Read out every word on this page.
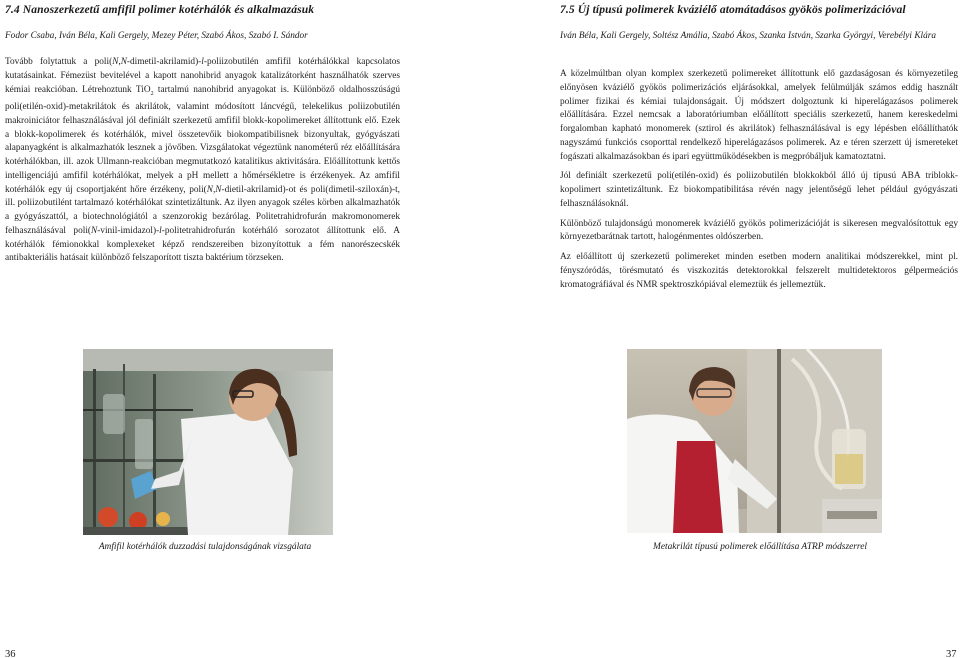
7.4 Nanoszerkezetű amfifil polimer kotérhálók és alkalmazásuk
Fodor Csaba, Iván Béla, Kali Gergely, Mezey Péter, Szabó Ákos, Szabó I. Sándor
Tovább folytattuk a poli(N,N-dimetil-akrilamid)-l-poliizobutilén amfifil kotérhálókkal kapcsolatos kutatásainkat. Fémezüst bevitelével a kapott nanohibrid anyagok katalizátorként használhatók szerves kémiai reakcióban. Létrehoztunk TiO$_2$ tartalmú nanohibrid anyagokat is. Különböző oldalhosszúságú poli(etilén-oxid)-metakrilátok és akrilátok, valamint módosított láncvégű, telekelikus poliizobutilén makroiniciátor felhasználásával jól definiált szerkezetű amfifil blokk-kopolimereket állítottunk elő. Ezek a blokk-kopolimerek és kotérhálók, mivel összetevőik biokompatibilisnek bizonyultak, gyógyászati alapanyagként is alkalmazhatók lesznek a jövőben. Vizsgálatokat végeztünk nanométerű réz előállítására kotérhálókban, ill. azok Ullmann-reakcióban megmutatkozó katalitikus aktivitására. Előállítottunk kettős intelligenciájú amfifil kotérhálókat, melyek a pH mellett a hőmérsékletre is érzékenyek. Az amfifil kotérhálók egy új csoportjaként hőre érzékeny, poli(N,N-dietil-akrilamid)-ot és poli(dimetil-sziloxán)-t, ill. poliizobutilént tartalmazó kotérhálókat szintetizáltunk. Az ilyen anyagok széles körben alkalmazhatók a gyógyászattól, a biotechnológiától a szenzorokig bezárólag. Politetrahidrofurán makromonomerek felhasználásával poli(N-vinil-imidazol)-l-politetrahidrofurán kotérháló sorozatot állítottunk elő. A kotérhálók fémionokkal komplexeket képző rendszereiben bizonyítottuk a fém nanorészecskék antibakteriális hatásait különböző felszaporított tiszta baktérium törzseken.
Amfifil kotérhálók duzzadási tulajdonságának vizsgálata
36
7.5 Új típusú polimerek kváziélő atomátadásos gyökös polimerizációval
Iván Béla, Kali Gergely, Soltész Amália, Szabó Ákos, Szanka István, Szarka Györgyi, Verebélyi Klára

A közelmúltban olyan komplex szerkezetű polimereket állítottunk elő gazdaságosan és környezetileg előnyösen kváziélő gyökös polimerizációs eljárásokkal, amelyek felülmúlják számos eddig használt polimer fizikai és kémiai tulajdonságait. Új módszert dolgoztunk ki hiperelágazásos polimerek előállítására. Ezzel nemcsak a laboratóriumban előállított speciális szerkezetű, hanem kereskedelmi forgalomban kapható monomerek (sztirol és akrilátok) felhasználásával is egy lépésben előállíthatók nagyszámú funkciós csoporttal rendelkező hiperelágazásos polimerek. Az e téren szerzett új ismereteket fogászati alkalmazásokban és ipari együttműködésekben is megpróbáljuk kamatoztatni.

Jól definiált szerkezetű poli(etilén-oxid) és poliizobutilén blokkokból álló új típusú ABA triblokk-kopolimert szintetizáltunk. Ez biokompatibilitása révén nagy jelentőségű lehet például gyógyászati felhasználásoknál.

Különböző tulajdonságú monomerek kváziélő gyökös polimerizációját is sikeresen megvalósítottuk egy környezetbarátnak tartott, halogénmentes oldószerben.

Az előállított új szerkezetű polimereket minden esetben modern analitikai módszerekkel, mint pl. fényszóródás, törésmutató és viszkozitás detektorokkal felszerelt multidetektoros gélpermeációs kromatográfiával és NMR spektroszkópiával elemeztük és jellemeztük.

Metakrilát típusú polimerek előállítása ATRP módszerrel
37
